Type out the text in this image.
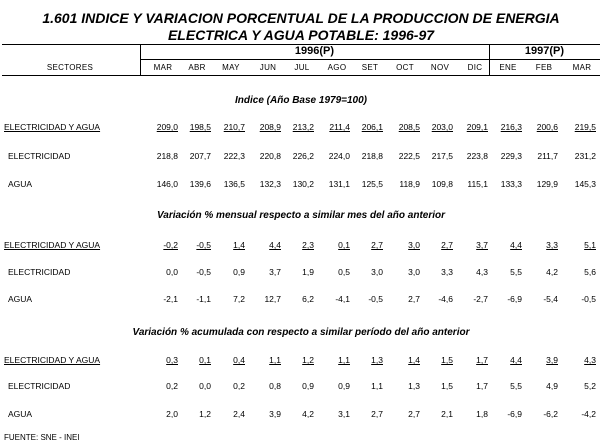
1.601 INDICE Y VARIACION PORCENTUAL DE LA PRODUCCION DE ENERGIA
ELECTRICA Y AGUA POTABLE: 1996-97
1996(P)	1997(P)
SECTORES	MAR	ABR	MAY	JUN	JUL	AGO	SET	OCT	NOV	DIC	ENE	FEB	MAR
Indice (Año Base 1979=100)
ELECTRICIDAD Y AGUA	209,0	198,5	210,7	208,9	213,2	211,4	206,1	208,5	203,0	209,1	216,3	200,6	219,5
ELECTRICIDAD	218,8	207,7	222,3	220,8	226,2	224,0	218,8	222,5	217,5	223,8	229,3	211,7	231,2
AGUA	146,0	139,6	136,5	132,3	130,2	131,1	125,5	118,9	109,8	115,1	133,3	129,9	145,3
Variación % mensual respecto a similar mes del año anterior
ELECTRICIDAD Y AGUA	-0,2	-0,5	1,4	4,4	2,3	0,1	2,7	3,0	2,7	3,7	4,4	3,3	5,1
ELECTRICIDAD	0,0	-0,5	0,9	3,7	1,9	0,5	3,0	3,0	3,3	4,3	5,5	4,2	5,6
AGUA	-2,1	-1,1	7,2	12,7	6,2	-4,1	-0,5	2,7	-4,6	-2,7	-6,9	-5,4	-0,5
Variación % acumulada con respecto a similar período del año anterior
ELECTRICIDAD Y AGUA	0,3	0,1	0,4	1,1	1,2	1,1	1,3	1,4	1,5	1,7	4,4	3,9	4,3
ELECTRICIDAD	0,2	0,0	0,2	0,8	0,9	0,9	1,1	1,3	1,5	1,7	5,5	4,9	5,2
AGUA	2,0	1,2	2,4	3,9	4,2	3,1	2,7	2,7	2,1	1,8	-6,9	-6,2	-4,2
FUENTE: SNE - INEI
